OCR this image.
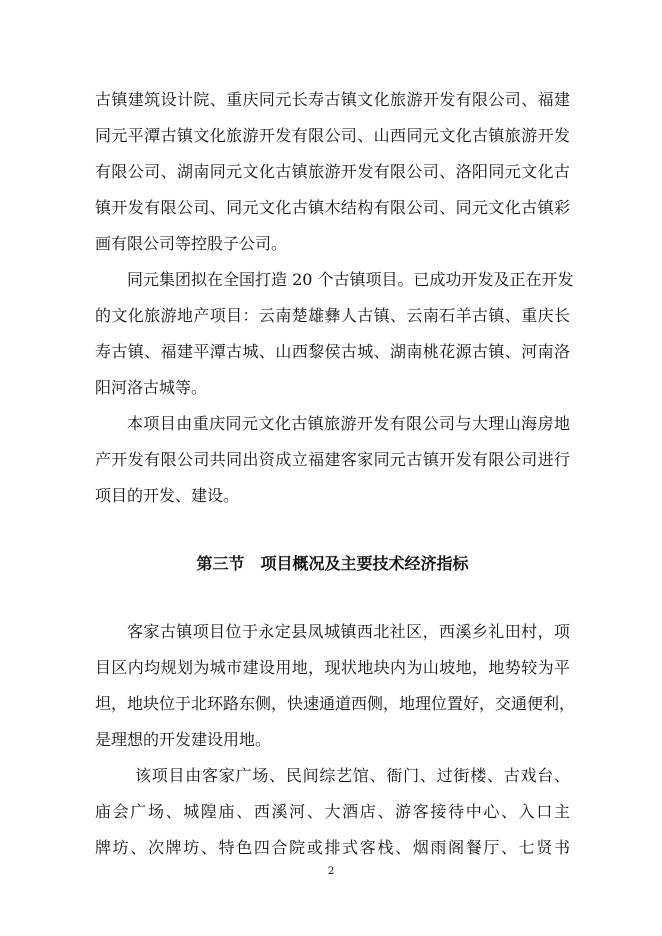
古镇建筑设计院、重庆同元长寿古镇文化旅游开发有限公司、福建
同元平潭古镇文化旅游开发有限公司、山西同元文化古镇旅游开发
有限公司、湖南同元文化古镇旅游开发有限公司、洛阳同元文化古
镇开发有限公司、同元文化古镇木结构有限公司、同元文化古镇彩
画有限公司等控股子公司。
同元集团拟在全国打造 20 个古镇项目。已成功开发及正在开发
的文化旅游地产项目：云南楚雄彝人古镇、云南石羊古镇、重庆长
寿古镇、福建平潭古城、山西黎侯古城、湖南桃花源古镇、河南洛
阳河洛古城等。
本项目由重庆同元文化古镇旅游开发有限公司与大理山海房地
产开发有限公司共同出资成立福建客家同元古镇开发有限公司进行
项目的开发、建设。
第三节　项目概况及主要技术经济指标
客家古镇项目位于永定县凤城镇西北社区，西溪乡礼田村，项
目区内均规划为城市建设用地，现状地块内为山坡地，地势较为平
坦，地块位于北环路东侧，快速通道西侧，地理位置好，交通便利，
是理想的开发建设用地。
该项目由客家广场、民间综艺馆、衙门、过街楼、古戏台、
庙会广场、城隍庙、西溪河、大酒店、游客接待中心、入口主
牌坊、次牌坊、特色四合院或排式客栈、烟雨阁餐厅、七贤书
2
